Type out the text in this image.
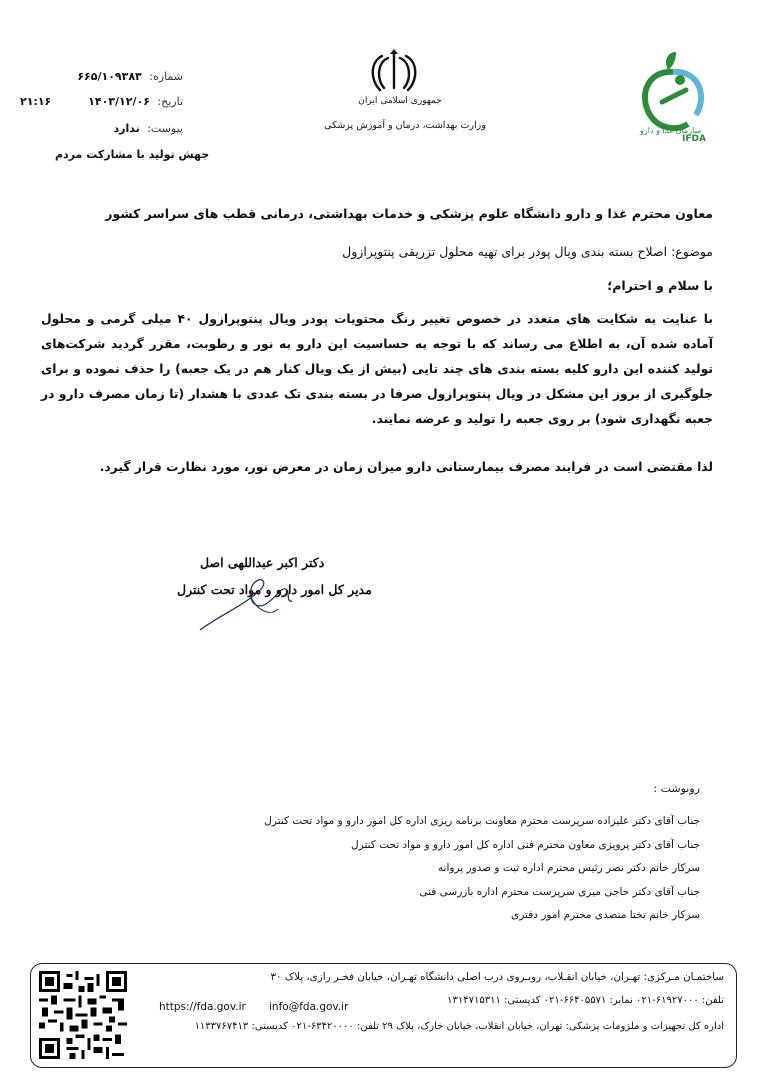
شماره: ۶۶۵/۱۰۹۳۸۳
تاریخ: ۱۴۰۳/۱۲/۰۶
۲۱:۱۶
پیوست: ندارد
جهش تولید با مشارکت مردم
جمهوری اسلامی ایران
وزارت بهداشت، درمان و آموزش پزشکی	سازمان غذا و دارو
IFDA
معاون محترم غذا و دارو دانشگاه علوم پزشکی و خدمات بهداشتی، درمانی قطب های سراسر کشور
موضوع: اصلاح بسته بندی ویال پودر برای تهیه محلول تزریقی پنتوپرازول
با سلام و احترام؛
با عنایت به شکایت های متعدد در خصوص تغییر رنگ محتویات پودر ویال پنتوپرازول ۴۰ میلی گرمی و محلول آماده شده آن، به اطلاع می رساند که با توجه به حساسیت این دارو به نور و رطوبت، مقرر گردید شرکت‌های تولید کننده این دارو کلیه بسته بندی های چند تایی (بیش از یک ویال کنار هم در یک جعبه) را حذف نموده و برای جلوگیری از بروز این مشکل در ویال پنتوپرازول صرفا در بسته بندی تک عددی با هشدار (تا زمان مصرف دارو در جعبه نگهداری شود) بر روی جعبه را تولید و عرضه نمایند.
لذا مقتضی است در فرایند مصرف بیمارستانی دارو میزان زمان در معرض نور، مورد نظارت قرار گیرد.
دکتر اکبر عبداللهی اصل
مدیر کل امور دارو و مواد تحت کنترل
رونوشت :
جناب آقای دکتر علیزاده سرپرست محترم معاونت برنامه ریزی اداره کل امور دارو و مواد تحت کنترل
جناب آقای دکتر پرویزی معاون محترم فنی اداره کل امور دارو و مواد تحت کنترل
سرکار خانم دکتر نصر رئیس محترم اداره ثبت و صدور پروانه
جناب آقای دکتر حاجی میری سرپرست محترم اداره بازرسی فنی
سرکار خانم تختا متصدی محترم امور دفتری
ساختمـان مـرکزی: تهـران، خیابان انقـلاب، روبـروی درب اصلی دانشگاه تهـران، خیابان فخـر رازی، پلاک ۳۰
تلفن: ۶۱۹۲۷۰۰۰-۰۲۱ نمابر: ۶۶۴۰۵۵۷۱-۰۲۱ کدپستی: ۱۳۱۴۷۱۵۳۱۱
https://fda.gov.ir info@fda.gov.ir
اداره کل تجهیزات و ملزومات پزشکی: تهران، خیابان انقلاب، خیابان خارک، پلاک ۲۹ تلفن: ۶۳۴۲۰۰۰۰-۰۲۱ کدپستی: ۱۱۳۳۷۶۷۴۱۳
